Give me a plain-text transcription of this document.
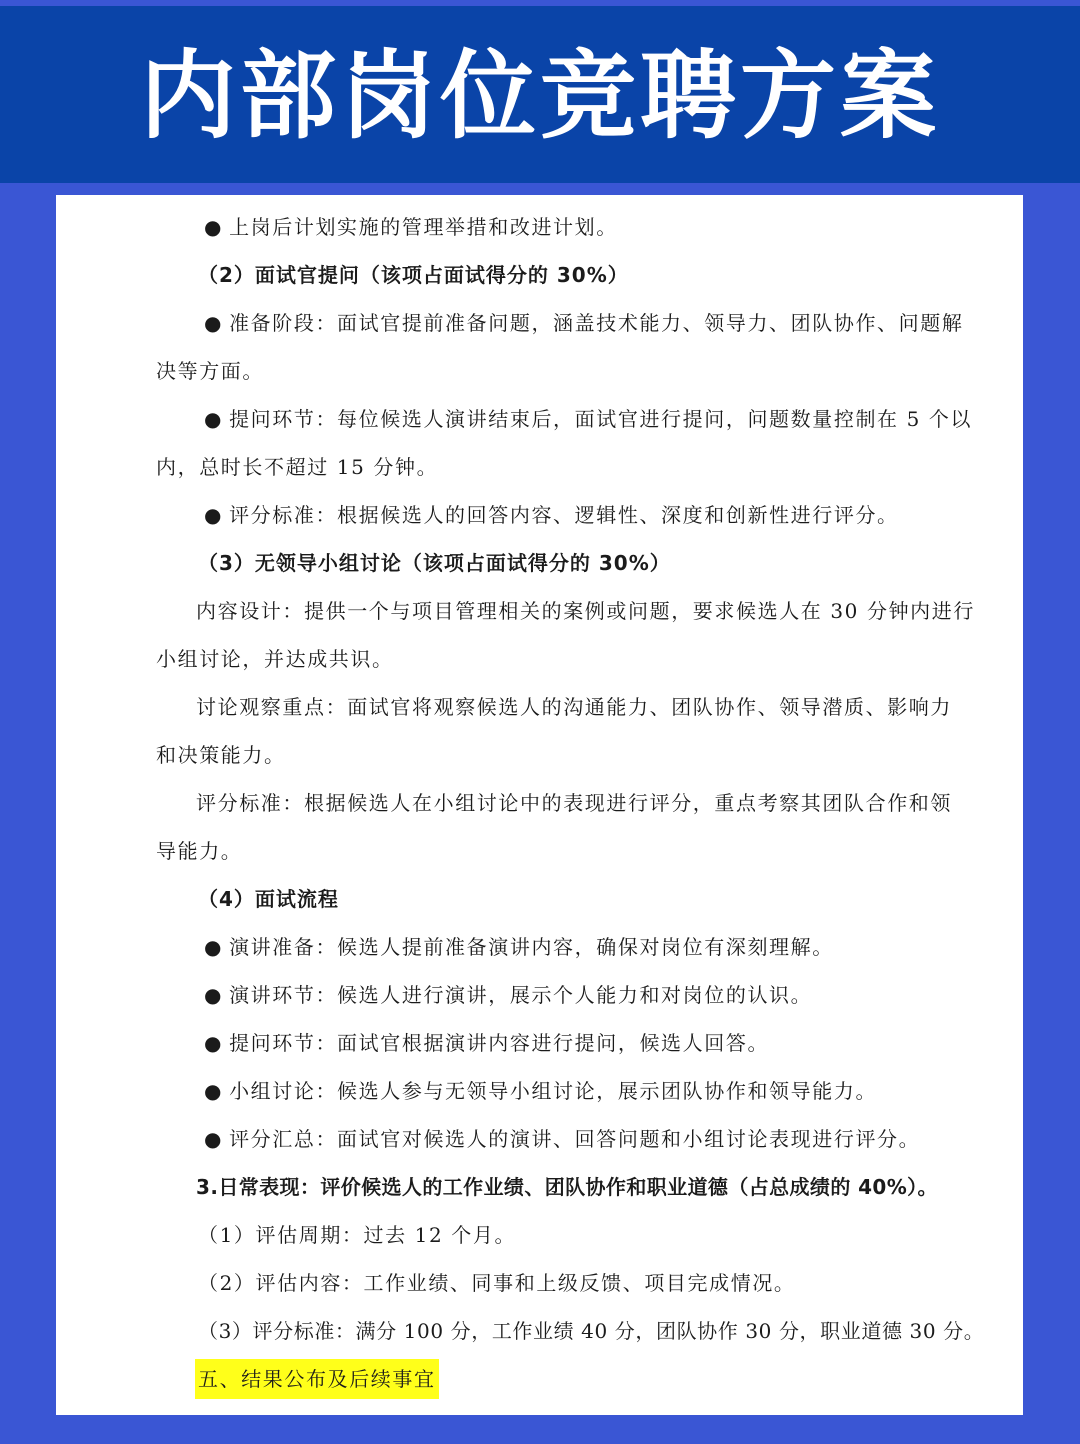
内部岗位竞聘方案
● 上岗后计划实施的管理举措和改进计划。
（2）面试官提问（该项占面试得分的 30%）
● 准备阶段：面试官提前准备问题，涵盖技术能力、领导力、团队协作、问题解
决等方面。
● 提问环节：每位候选人演讲结束后，面试官进行提问，问题数量控制在 5 个以
内，总时长不超过 15 分钟。
● 评分标准：根据候选人的回答内容、逻辑性、深度和创新性进行评分。
（3）无领导小组讨论（该项占面试得分的 30%）
内容设计：提供一个与项目管理相关的案例或问题，要求候选人在 30 分钟内进行
小组讨论，并达成共识。
讨论观察重点：面试官将观察候选人的沟通能力、团队协作、领导潜质、影响力
和决策能力。
评分标准：根据候选人在小组讨论中的表现进行评分，重点考察其团队合作和领
导能力。
（4）面试流程
● 演讲准备：候选人提前准备演讲内容，确保对岗位有深刻理解。
● 演讲环节：候选人进行演讲，展示个人能力和对岗位的认识。
● 提问环节：面试官根据演讲内容进行提问，候选人回答。
● 小组讨论：候选人参与无领导小组讨论，展示团队协作和领导能力。
● 评分汇总：面试官对候选人的演讲、回答问题和小组讨论表现进行评分。
3.日常表现：评价候选人的工作业绩、团队协作和职业道德（占总成绩的 40%）。
（1）评估周期：过去 12 个月。
（2）评估内容：工作业绩、同事和上级反馈、项目完成情况。
（3）评分标准：满分 100 分，工作业绩 40 分，团队协作 30 分，职业道德 30 分。
五、结果公布及后续事宜
